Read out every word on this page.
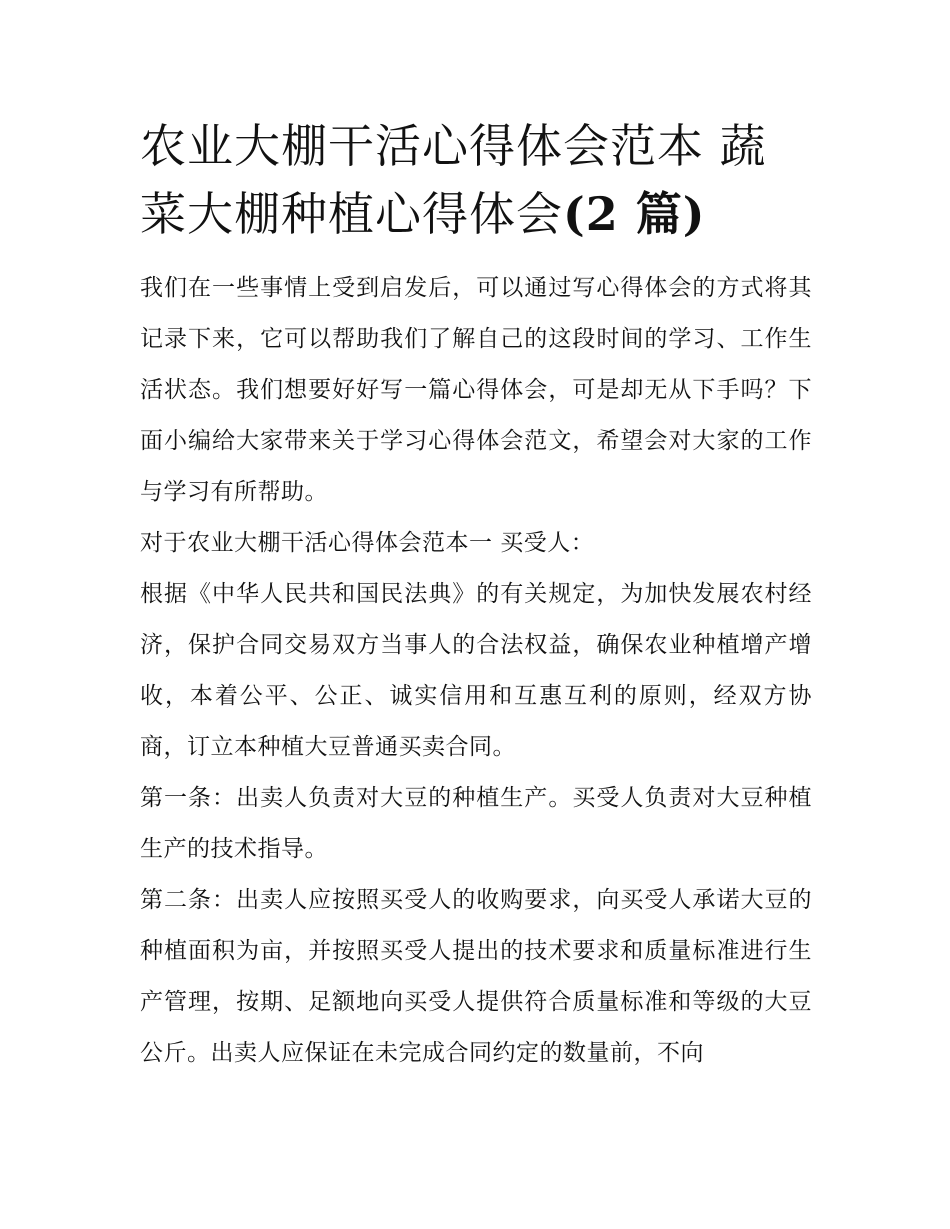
农业大棚干活心得体会范本 蔬菜大棚种植心得体会(2 篇)

我们在一些事情上受到启发后，可以通过写心得体会的方式将其记录下来，它可以帮助我们了解自己的这段时间的学习、工作生活状态。我们想要好好写一篇心得体会，可是却无从下手吗？下面小编给大家带来关于学习心得体会范文，希望会对大家的工作与学习有所帮助。

对于农业大棚干活心得体会范本一 买受人：

根据《中华人民共和国民法典》的有关规定，为加快发展农村经济，保护合同交易双方当事人的合法权益，确保农业种植增产增收，本着公平、公正、诚实信用和互惠互利的原则，经双方协商，订立本种植大豆普通买卖合同。

第一条：出卖人负责对大豆的种植生产。买受人负责对大豆种植生产的技术指导。

第二条：出卖人应按照买受人的收购要求，向买受人承诺大豆的种植面积为亩，并按照买受人提出的技术要求和质量标准进行生产管理，按期、足额地向买受人提供符合质量标准和等级的大豆公斤。出卖人应保证在未完成合同约定的数量前，不向
